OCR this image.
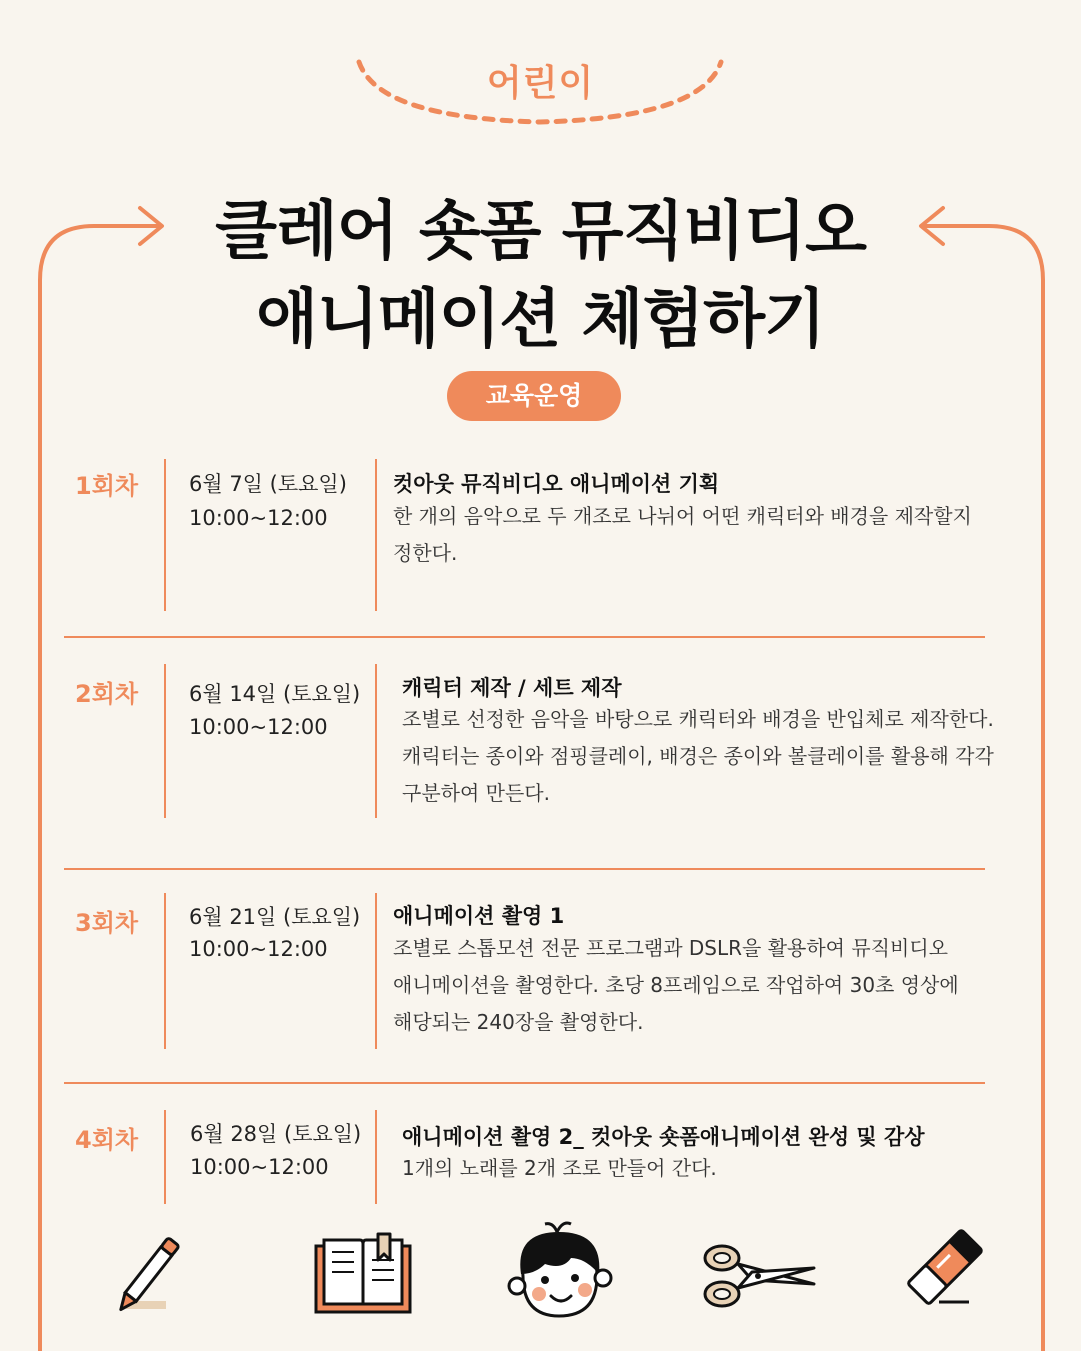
어린이
클레어 숏폼 뮤직비디오
애니메이션 체험하기
교육운영
1회차 6월 7일 (토요일)
10:00~12:00
컷아웃 뮤직비디오 애니메이션 기획
한 개의 음악으로 두 개조로 나뉘어 어떤 캐릭터와 배경을 제작할지
정한다.
2회차 6월 14일 (토요일)
10:00~12:00
캐릭터 제작 / 세트 제작
조별로 선정한 음악을 바탕으로 캐릭터와 배경을 반입체로 제작한다.
캐릭터는 종이와 점핑클레이, 배경은 종이와 볼클레이를 활용해 각각
구분하여 만든다.
3회차 6월 21일 (토요일)
10:00~12:00
애니메이션 촬영 1
조별로 스톱모션 전문 프로그램과 DSLR을 활용하여 뮤직비디오
애니메이션을 촬영한다. 초당 8프레임으로 작업하여 30초 영상에
해당되는 240장을 촬영한다.
4회차 6월 28일 (토요일)
10:00~12:00
애니메이션 촬영 2_ 컷아웃 숏폼애니메이션 완성 및 감상
1개의 노래를 2개 조로 만들어 간다.
